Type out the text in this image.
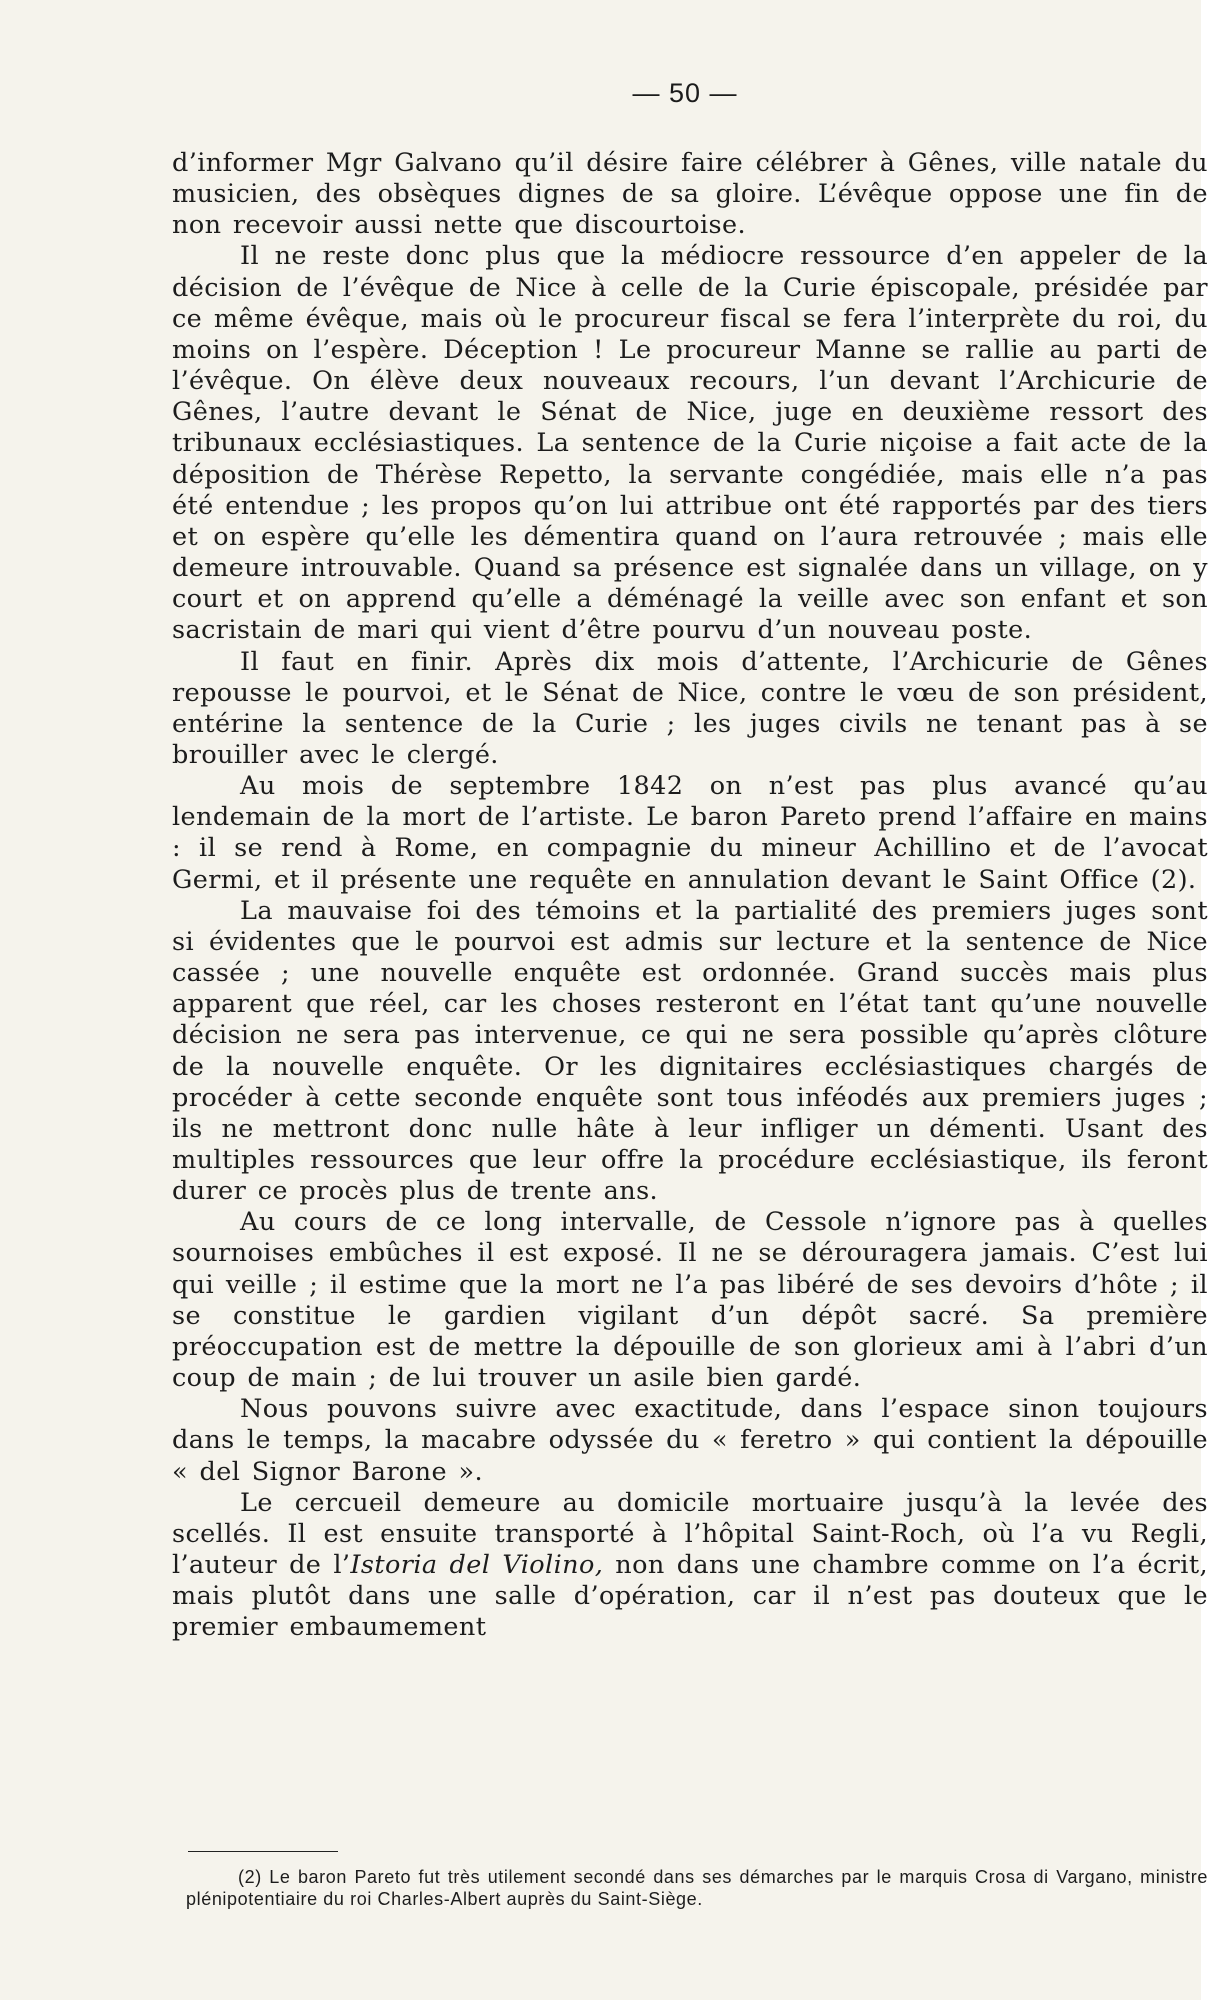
— 50 —

d’informer Mgr Galvano qu’il désire faire célébrer à Gênes, ville natale du musicien, des obsèques dignes de sa gloire. L’évêque oppose une fin de non recevoir aussi nette que discourtoise.

Il ne reste donc plus que la médiocre ressource d’en appeler de la décision de l’évêque de Nice à celle de la Curie épiscopale, présidée par ce même évêque, mais où le procureur fiscal se fera l’interprète du roi, du moins on l’espère. Déception ! Le procureur Manne se rallie au parti de l’évêque. On élève deux nouveaux recours, l’un devant l’Archicurie de Gênes, l’autre devant le Sénat de Nice, juge en deuxième ressort des tribunaux ecclésiastiques. La sentence de la Curie niçoise a fait acte de la déposition de Thérèse Repetto, la servante congédiée, mais elle n’a pas été entendue ; les propos qu’on lui attribue ont été rapportés par des tiers et on espère qu’elle les démentira quand on l’aura retrouvée ; mais elle demeure introuvable. Quand sa présence est signalée dans un village, on y court et on apprend qu’elle a déménagé la veille avec son enfant et son sacristain de mari qui vient d’être pourvu d’un nouveau poste.

Il faut en finir. Après dix mois d’attente, l’Archicurie de Gênes repousse le pourvoi, et le Sénat de Nice, contre le vœu de son président, entérine la sentence de la Curie ; les juges civils ne tenant pas à se brouiller avec le clergé.

Au mois de septembre 1842 on n’est pas plus avancé qu’au lendemain de la mort de l’artiste. Le baron Pareto prend l’affaire en mains : il se rend à Rome, en compagnie du mineur Achillino et de l’avocat Germi, et il présente une requête en annulation devant le Saint Office (2).

La mauvaise foi des témoins et la partialité des premiers juges sont si évidentes que le pourvoi est admis sur lecture et la sentence de Nice cassée ; une nouvelle enquête est ordonnée. Grand succès mais plus apparent que réel, car les choses resteront en l’état tant qu’une nouvelle décision ne sera pas intervenue, ce qui ne sera possible qu’après clôture de la nouvelle enquête. Or les dignitaires ecclésiastiques chargés de procéder à cette seconde enquête sont tous inféodés aux premiers juges ; ils ne mettront donc nulle hâte à leur infliger un démenti. Usant des multiples ressources que leur offre la procédure ecclésiastique, ils feront durer ce procès plus de trente ans.

Au cours de ce long intervalle, de Cessole n’ignore pas à quelles sournoises embûches il est exposé. Il ne se dérouragera jamais. C’est lui qui veille ; il estime que la mort ne l’a pas libéré de ses devoirs d’hôte ; il se constitue le gardien vigilant d’un dépôt sacré. Sa première préoccupation est de mettre la dépouille de son glorieux ami à l’abri d’un coup de main ; de lui trouver un asile bien gardé.

Nous pouvons suivre avec exactitude, dans l’espace sinon toujours dans le temps, la macabre odyssée du « feretro » qui contient la dépouille « del Signor Barone ».

Le cercueil demeure au domicile mortuaire jusqu’à la levée des scellés. Il est ensuite transporté à l’hôpital Saint-Roch, où l’a vu Regli, l’auteur de l’Istoria del Violino, non dans une chambre comme on l’a écrit, mais plutôt dans une salle d’opération, car il n’est pas douteux que le premier embaumement

(2) Le baron Pareto fut très utilement secondé dans ses démarches par le marquis Crosa di Vargano, ministre plénipotentiaire du roi Charles-Albert auprès du Saint-Siège.
